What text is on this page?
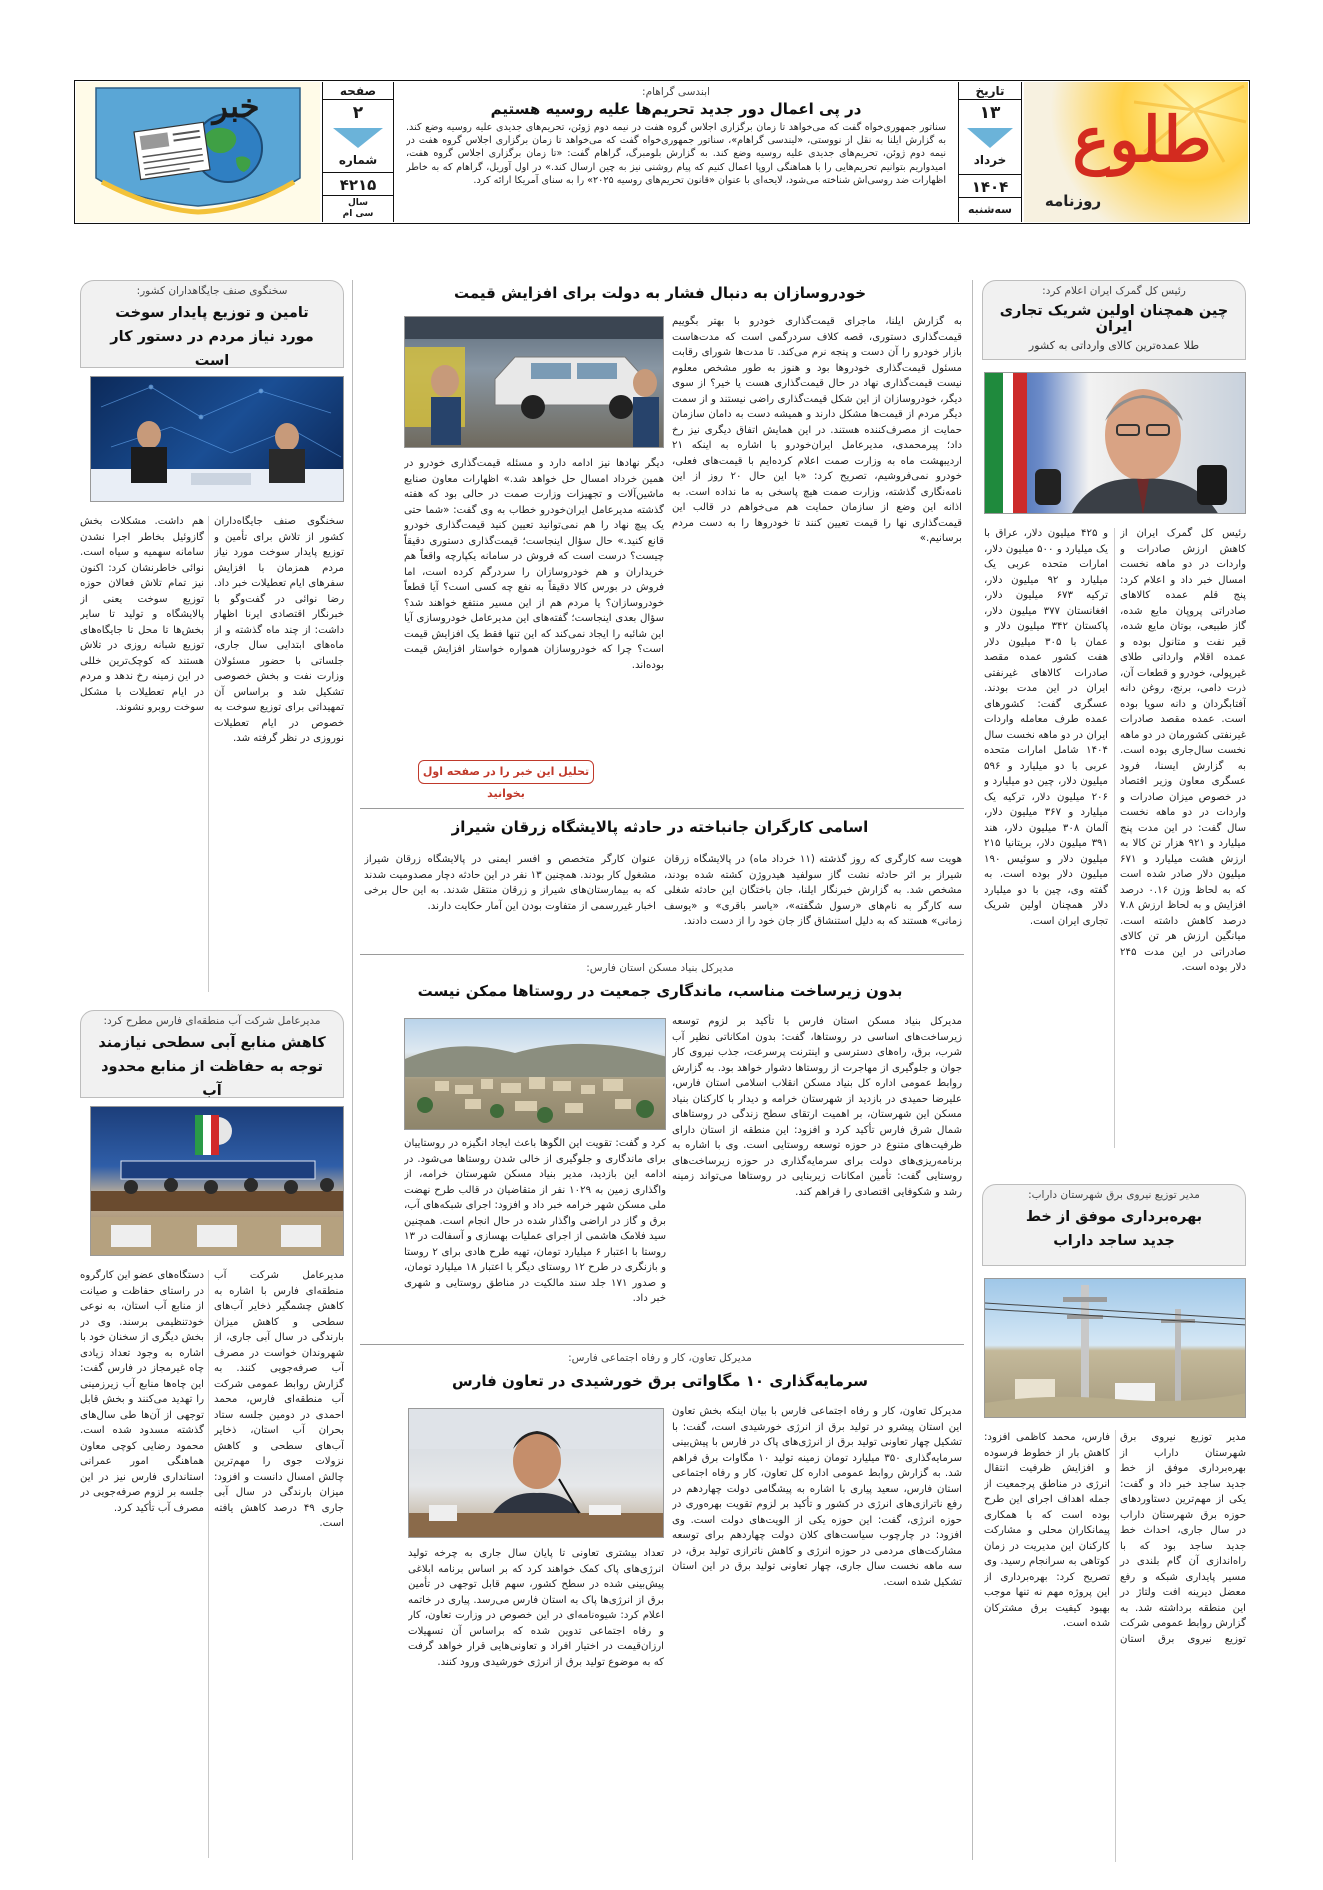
طلوع
روزنامه
تاریخ
۱۳
خرداد
۱۴۰۴
سه‌شنبه
ابندسی گراهام:
در پی اعمال دور جدید تحریم‌ها علیه روسیه هستیم
سناتور جمهوری‌خواه گفت که می‌خواهد تا زمان برگزاری اجلاس گروه هفت در نیمه دوم ژوئن، تحریم‌های جدیدی علیه روسیه وضع کند. به گزارش ایلنا به نقل از نووستی، «لیندسی گراهام»، سناتور جمهوری‌خواه گفت که می‌خواهد تا زمان برگزاری اجلاس گروه هفت در نیمه دوم ژوئن، تحریم‌های جدیدی علیه روسیه وضع کند. به گزارش بلومبرگ، گراهام گفت: «تا زمان برگزاری اجلاس گروه هفت، امیدواریم بتوانیم تحریم‌هایی را با هماهنگی اروپا اعمال کنیم که پیام روشنی نیز به چین ارسال کند.» در اول آوریل، گراهام که به خاطر اظهارات ضد روسی‌اش شناخته می‌شود، لایحه‌ای با عنوان «قانون تحریم‌های روسیه ۲۰۲۵» را به سنای آمریکا ارائه کرد.
صفحه
۲
شماره
۴۲۱۵
سال
سی ام
خبر
رئیس کل گمرک ایران اعلام کرد:
چین همچنان اولین شریک تجاری ایران
طلا عمده‌ترین کالای وارداتی به کشور
رئیس کل گمرک ایران از کاهش ارزش صادرات و واردات در دو ماهه نخست امسال خبر داد و اعلام کرد: پنج قلم عمده کالاهای صادراتی پروپان مایع شده، گاز طبیعی، بوتان مایع شده، قیر نفت و متانول بوده و عمده اقلام وارداتی طلای غیرپولی، خودرو و قطعات آن، ذرت دامی، برنج، روغن دانه آفتابگردان و دانه سویا بوده است. عمده مقصد صادرات غیرنفتی کشورمان در دو ماهه نخست سال‌جاری بوده است. به گزارش ایسنا، فرود عسگری معاون وزیر اقتصاد در خصوص میزان صادرات و واردات در دو ماهه نخست سال گفت: در این مدت پنج میلیارد و ۹۲۱ هزار تن کالا به ارزش هشت میلیارد و ۶۷۱ میلیون دلار صادر شده است که به لحاظ وزن ۰.۱۶ درصد افزایش و به لحاظ ارزش ۷.۸ درصد کاهش داشته است. میانگین ارزش هر تن کالای صادراتی در این مدت ۲۴۵ دلار بوده است.
و ۴۲۵ میلیون دلار، عراق با یک میلیارد و ۵۰۰ میلیون دلار، امارات متحده عربی یک میلیارد و ۹۲ میلیون دلار، ترکیه ۶۷۳ میلیون دلار، افغانستان ۳۷۷ میلیون دلار، پاکستان ۳۴۲ میلیون دلار و عمان با ۳۰۵ میلیون دلار هفت کشور عمده مقصد صادرات کالاهای غیرنفتی ایران در این مدت بودند. عسگری گفت: کشورهای عمده طرف معامله واردات ایران در دو ماهه نخست سال ۱۴۰۴ شامل امارات متحده عربی با دو میلیارد و ۵۹۶ میلیون دلار، چین دو میلیارد و ۲۰۶ میلیون دلار، ترکیه یک میلیارد و ۳۶۷ میلیون دلار، آلمان ۳۰۸ میلیون دلار، هند ۳۹۱ میلیون دلار، بریتانیا ۲۱۵ میلیون دلار و سوئیس ۱۹۰ میلیون دلار بوده است. به گفته وی، چین با دو میلیارد دلار همچنان اولین شریک تجاری ایران است.
مدیر توزیع نیروی برق شهرستان داراب:
بهره‌برداری موفق از خط جدید ساجد داراب
مدیر توزیع نیروی برق شهرستان داراب از بهره‌برداری موفق از خط جدید ساجد خبر داد و گفت: یکی از مهم‌ترین دستاوردهای حوزه برق شهرستان داراب در سال جاری، احداث خط جدید ساجد بود که با راه‌اندازی آن گام بلندی در مسیر پایداری شبکه و رفع معضل دیرینه افت ولتاژ در این منطقه برداشته شد. به گزارش روابط عمومی شرکت توزیع نیروی برق استان فارس، محمد کاظمی افزود: کاهش بار از خطوط فرسوده و افزایش ظرفیت انتقال انرژی در مناطق پرجمعیت از جمله اهداف اجرای این طرح بوده است که با همکاری پیمانکاران محلی و مشارکت کارکنان این مدیریت در زمان کوتاهی به سرانجام رسید. وی تصریح کرد: بهره‌برداری از این پروژه مهم نه تنها موجب بهبود کیفیت برق مشترکان شده است.
خودروسازان به دنبال فشار به دولت برای افزایش قیمت
به گزارش ایلنا، ماجرای قیمت‌گذاری خودرو با بهتر بگوییم قیمت‌گذاری دستوری، قصه کلاف سردرگمی است که مدت‌هاست بازار خودرو را آن دست و پنجه نرم می‌کند. تا مدت‌ها شورای رقابت مسئول قیمت‌گذاری خودروها بود و هنوز به طور مشخص معلوم نیست قیمت‌گذاری نهاد در حال قیمت‌گذاری هست یا خیر؟ از سوی دیگر، خودروسازان از این شکل قیمت‌گذاری راضی نیستند و از سمت دیگر مردم از قیمت‌ها مشکل دارند و همیشه دست به دامان سازمان حمایت از مصرف‌کننده هستند. در این همایش اتفاق دیگری نیز رخ داد؛ پیرمحمدی، مدیرعامل ایران‌خودرو با اشاره به اینکه ۲۱ اردیبهشت ماه به وزارت صمت اعلام کرده‌ایم با قیمت‌های فعلی، خودرو نمی‌فروشیم، تصریح کرد: «با این حال ۲۰ روز از این نامه‌نگاری گذشته، وزارت صمت هیچ پاسخی به ما نداده است. به اذانه این وضع از سازمان حمایت هم می‌خواهم در قالب این قیمت‌گذاری نها را قیمت تعیین کنند تا خودروها را به دست مردم برسانیم.»
دیگر نهادها نیز ادامه دارد و مسئله قیمت‌گذاری خودرو در همین خرداد امسال حل خواهد شد.» اظهارات معاون صنایع ماشین‌آلات و تجهیزات وزارت صمت در حالی بود که هفته گذشته مدیرعامل ایران‌خودرو خطاب به وی گفت: «شما حتی یک پیچ نهاد را هم نمی‌توانید تعیین کنید قیمت‌گذاری خودرو قانع کنید.» حال سؤال اینجاست؛ قیمت‌گذاری دستوری دقیقاً چیست؟ درست است که فروش در سامانه یکپارچه واقعاً هم خریداران و هم خودروسازان را سردرگم کرده است، اما فروش در بورس کالا دقیقاً به نفع چه کسی است؟ آیا قطعاً خودروسازان؟ یا مردم هم از این مسیر منتفع خواهند شد؟ سؤال بعدی اینجاست؛ گفته‌های این مدیرعامل خودروسازی آیا این شائبه را ایجاد نمی‌کند که این تنها فقط یک افزایش قیمت است؟ چرا که خودروسازان همواره خواستار افزایش قیمت بوده‌اند.
تحلیل این خبر را در صفحه اول بخوانید
اسامی کارگران جانباخته در حادثه پالایشگاه زرقان شیراز
هویت سه کارگری که روز گذشته (۱۱ خرداد ماه) در پالایشگاه زرقان شیراز بر اثر حادثه نشت گاز سولفید هیدروژن کشته شده بودند، مشخص شد. به گزارش خبرنگار ایلنا، جان باختگان این حادثه شغلی سه کارگر به نام‌های «رسول شگفته»، «یاسر باقری» و «یوسف زمانی» هستند که به دلیل استنشاق گاز جان خود را از دست دادند.
عنوان کارگر متخصص و افسر ایمنی در پالایشگاه زرقان شیراز مشغول کار بودند. همچنین ۱۳ نفر در این حادثه دچار مصدومیت شدند که به بیمارستان‌های شیراز و زرقان منتقل شدند. به این حال برخی اخبار غیررسمی از متفاوت بودن این آمار حکایت دارند.
مدیرکل بنیاد مسکن استان فارس:
بدون زیرساخت مناسب، ماندگاری جمعیت در روستاها ممکن نیست
مدیرکل بنیاد مسکن استان فارس با تأکید بر لزوم توسعه زیرساخت‌های اساسی در روستاها، گفت: بدون امکاناتی نظیر آب شرب، برق، راه‌های دسترسی و اینترنت پرسرعت، جذب نیروی کار جوان و جلوگیری از مهاجرت از روستاها دشوار خواهد بود. به گزارش روابط عمومی اداره کل بنیاد مسکن انقلاب اسلامی استان فارس، علیرضا حمیدی در بازدید از شهرستان خرامه و دیدار با کارکنان بنیاد مسکن این شهرستان، بر اهمیت ارتقای سطح زندگی در روستاهای شمال شرق فارس تأکید کرد و افزود: این منطقه از استان دارای ظرفیت‌های متنوع در حوزه توسعه روستایی است. وی با اشاره به برنامه‌ریزی‌های دولت برای سرمایه‌گذاری در حوزه زیرساخت‌های روستایی گفت: تأمین امکانات زیربنایی در روستاها می‌تواند زمینه رشد و شکوفایی اقتصادی را فراهم کند.
کرد و گفت: تقویت این الگوها باعث ایجاد انگیزه در روستاییان برای ماندگاری و جلوگیری از خالی شدن روستاها می‌شود. در ادامه این بازدید، مدیر بنیاد مسکن شهرستان خرامه، از واگذاری زمین به ۱۰۲۹ نفر از متقاضیان در قالب طرح نهضت ملی مسکن شهر خرامه خبر داد و افزود: اجرای شبکه‌های آب، برق و گاز در اراضی واگذار شده در حال انجام است. همچنین سید فلامک هاشمی از اجرای عملیات بهسازی و آسفالت در ۱۳ روستا با اعتبار ۶ میلیارد تومان، تهیه طرح هادی برای ۲ روستا و بازنگری در طرح ۱۲ روستای دیگر با اعتبار ۱۸ میلیارد تومان، و صدور ۱۷۱ جلد سند مالکیت در مناطق روستایی و شهری خبر داد.
مدیرکل تعاون، کار و رفاه اجتماعی فارس:
سرمایه‌گذاری ۱۰ مگاواتی برق خورشیدی در تعاون فارس
مدیرکل تعاون، کار و رفاه اجتماعی فارس با بیان اینکه بخش تعاون این استان پیشرو در تولید برق از انرژی خورشیدی است، گفت: با تشکیل چهار تعاونی تولید برق از انرژی‌های پاک در فارس با پیش‌بینی سرمایه‌گذاری ۳۵۰ میلیارد تومان زمینه تولید ۱۰ مگاوات برق فراهم شد. به گزارش روابط عمومی اداره کل تعاون، کار و رفاه اجتماعی استان فارس، سعید پیاری با اشاره به پیشگامی دولت چهاردهم در رفع ناترازی‌های انرژی در کشور و تأکید بر لزوم تقویت بهره‌وری در حوزه انرژی، گفت: این حوزه یکی از الویت‌های دولت است. وی افزود: در چارچوب سیاست‌های کلان دولت چهاردهم برای توسعه مشارکت‌های مردمی در حوزه انرژی و کاهش ناترازی تولید برق، در سه ماهه نخست سال جاری، چهار تعاونی تولید برق در این استان تشکیل شده است.
تعداد بیشتری تعاونی تا پایان سال جاری به چرخه تولید انرژی‌های پاک کمک خواهند کرد که بر اساس برنامه ابلاغی پیش‌بینی شده در سطح کشور، سهم قابل توجهی در تأمین برق از انرژی‌ها پاک به استان فارس می‌رسد. پیاری در خاتمه اعلام کرد: شیوه‌نامه‌ای در این خصوص در وزارت تعاون، کار و رفاه اجتماعی تدوین شده که براساس آن تسهیلات ارزان‌قیمت در اختیار افراد و تعاونی‌هایی قرار خواهد گرفت که به موضوع تولید برق از انرژی خورشیدی ورود کنند.
سخنگوی صنف جایگاهداران کشور:
تامین و توزیع پایدار سوخت مورد نیاز مردم در دستور کار است
سخنگوی صنف جایگاه‌داران کشور از تلاش برای تأمین و توزیع پایدار سوخت مورد نیاز مردم همزمان با افزایش سفرهای ایام تعطیلات خبر داد. رضا نوائی در گفت‌وگو با خبرنگار اقتصادی ایرنا اظهار داشت: از چند ماه گذشته و از ماه‌های ابتدایی سال جاری، جلساتی با حضور مسئولان وزارت نفت و بخش خصوصی تشکیل شد و براساس آن تمهیداتی برای توزیع سوخت به خصوص در ایام تعطیلات نوروزی در نظر گرفته شد.
هم داشت. مشکلات بخش گازوئیل بخاطر اجرا نشدن سامانه سهمیه و سیاه است. نوائی خاطرنشان کرد: اکنون نیز تمام تلاش فعالان حوزه توزیع سوخت یعنی از پالایشگاه و تولید تا سایر بخش‌ها تا محل تا جایگاه‌های توزیع شبانه روزی در تلاش هستند که کوچک‌ترین خللی در این زمینه رخ ندهد و مردم در ایام تعطیلات با مشکل سوخت روبرو نشوند.
مدیرعامل شرکت آب منطقه‌ای فارس مطرح کرد:
کاهش منابع آبی سطحی نیازمند توجه به حفاظت از منابع محدود آب
مدیرعامل شرکت آب منطقه‌ای فارس با اشاره به کاهش چشمگیر ذخایر آب‌های سطحی و کاهش میزان بارندگی در سال آبی جاری، از شهروندان خواست در مصرف آب صرفه‌جویی کنند. به گزارش روابط عمومی شرکت آب منطقه‌ای فارس، محمد احمدی در دومین جلسه ستاد بحران آب استان، ذخایر آب‌های سطحی و کاهش نزولات جوی را مهم‌ترین چالش امسال دانست و افزود: میزان بارندگی در سال آبی جاری ۴۹ درصد کاهش یافته است.
دستگاه‌های عضو این کارگروه در راستای حفاظت و صیانت از منابع آب استان، به نوعی خودتنظیمی برسند. وی در بخش دیگری از سخنان خود با اشاره به وجود تعداد زیادی چاه غیرمجاز در فارس گفت: این چاه‌ها منابع آب زیرزمینی را تهدید می‌کنند و بخش قابل توجهی از آن‌ها طی سال‌های گذشته مسدود شده است. محمود رضایی کوچی معاون هماهنگی امور عمرانی استانداری فارس نیز در این جلسه بر لزوم صرفه‌جویی در مصرف آب تأکید کرد.
